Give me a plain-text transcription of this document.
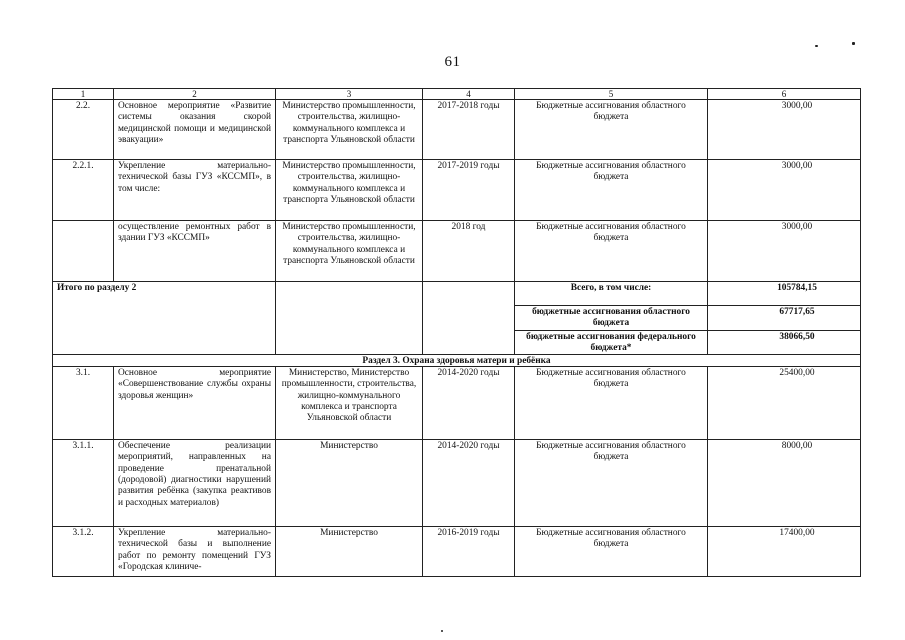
61
1	2	3	4	5	6
2.2.	Основное мероприятие «Развитие системы оказания скорой медицинской помощи и медицинской эвакуации»	Министерство промышленности, строительства, жилищно-коммунального комплекса и транспорта Ульяновской области	2017-2018 годы	Бюджетные ассигнования областного бюджета	3000,00
2.2.1.	Укрепление материально-технической базы ГУЗ «КССМП», в том числе:	Министерство промышленности, строительства, жилищно-коммунального комплекса и транспорта Ульяновской области	2017-2019 годы	Бюджетные ассигнования областного бюджета	3000,00
	осуществление ремонтных работ в здании ГУЗ «КССМП»	Министерство промышленности, строительства, жилищно-коммунального комплекса и транспорта Ульяновской области	2018 год	Бюджетные ассигнования областного бюджета	3000,00
Итого по разделу 2				Всего, в том числе:	105784,15
				бюджетные ассигнования областного бюджета	67717,65
				бюджетные ассигнования федерального бюджета*	38066,50
Раздел 3. Охрана здоровья матери и ребёнка					
3.1.	Основное мероприятие «Совершенствование службы охраны здоровья женщин»	Министерство, Министерство промышленности, строительства, жилищно-коммунального комплекса и транспорта Ульяновской области	2014-2020 годы	Бюджетные ассигнования областного бюджета	25400,00
3.1.1.	Обеспечение реализации мероприятий, направленных на проведение пренатальной (дородовой) диагностики нарушений развития ребёнка (закупка реактивов и расходных материалов)	Министерство	2014-2020 годы	Бюджетные ассигнования областного бюджета	8000,00
3.1.2.	Укрепление материально-технической базы и выполнение работ по ремонту помещений ГУЗ «Городская клиниче-	Министерство	2016-2019 годы	Бюджетные ассигнования областного бюджета	17400,00
